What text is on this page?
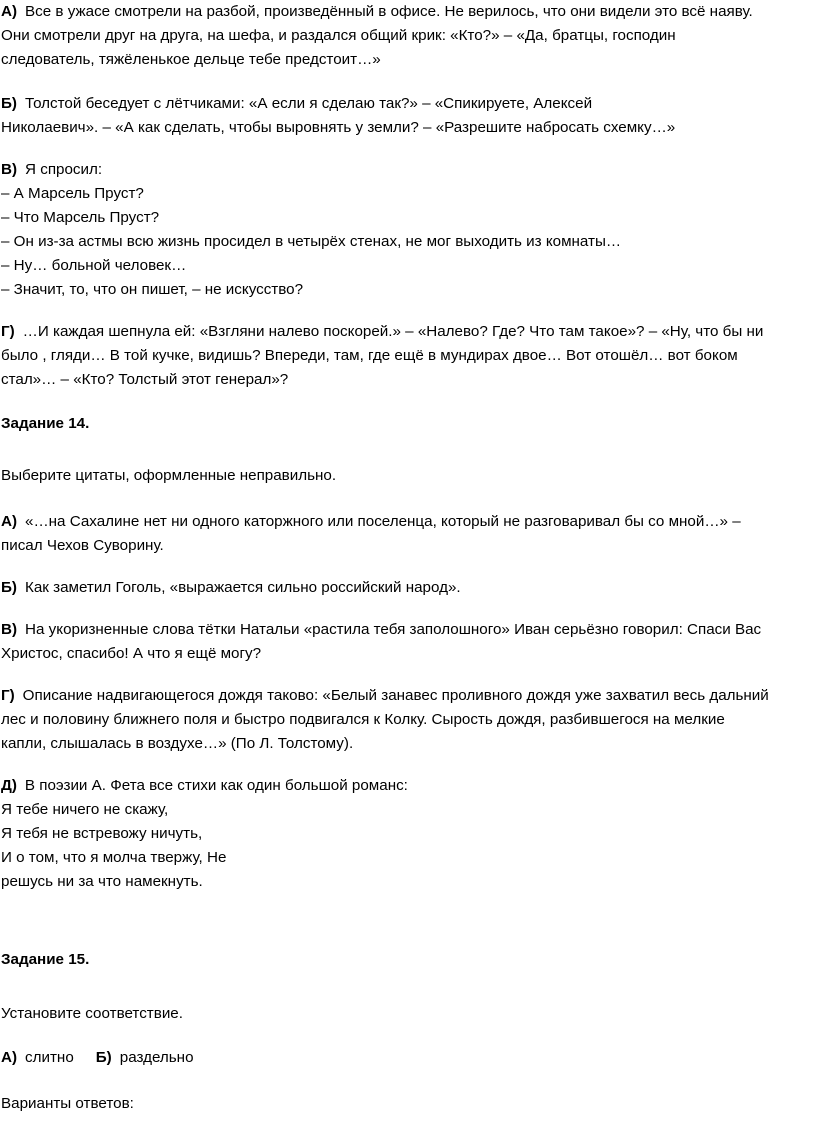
А) Все в ужасе смотрели на разбой, произведённый в офисе. Не верилось, что они видели это всё наяву.
Они смотрели друг на друга, на шефа, и раздался общий крик: «Кто?» – «Да, братцы, господин
следователь, тяжёленькое дельце тебе предстоит…»
Б) Толстой беседует с лётчиками: «А если я сделаю так?» – «Спикируете, Алексей
Николаевич». – «А как сделать, чтобы выровнять у земли? – «Разрешите набросать схемку…»
В) Я спросил:
– А Марсель Пруст?
– Что Марсель Пруст?
– Он из-за астмы всю жизнь просидел в четырёх стенах, не мог выходить из комнаты…
– Ну… больной человек…
– Значит, то, что он пишет, – не искусство?
Г) …И каждая шепнула ей: «Взгляни налево поскорей.» – «Налево? Где? Что там такое»? – «Ну, что бы ни
было , гляди… В той кучке, видишь? Впереди, там, где ещё в мундирах двое… Вот отошёл… вот боком
стал»… – «Кто? Толстый этот генерал»?
Задание 14.
Выберите цитаты, оформленные неправильно.
А) «…на Сахалине нет ни одного каторжного или поселенца, который не разговаривал бы со мной…» –
писал Чехов Суворину.
Б) Как заметил Гоголь, «выражается сильно российский народ».
В) На укоризненные слова тётки Натальи «растила тебя заполошного» Иван серьёзно говорил: Спаси Вас
Христос, спасибо! А что я ещё могу?
Г) Описание надвигающегося дождя таково: «Белый занавес проливного дождя уже захватил весь дальний
лес и половину ближнего поля и быстро подвигался к Колку. Сырость дождя, разбившегося на мелкие
капли, слышалась в воздухе…» (По Л. Толстому).
Д) В поэзии А. Фета все стихи как один большой романс:
Я тебе ничего не скажу,
Я тебя не встревожу ничуть,
И о том, что я молча твержу, Не
решусь ни за что намекнуть.
Задание 15.
Установите соответствие.
А) слитно Б) раздельно
Варианты ответов:
